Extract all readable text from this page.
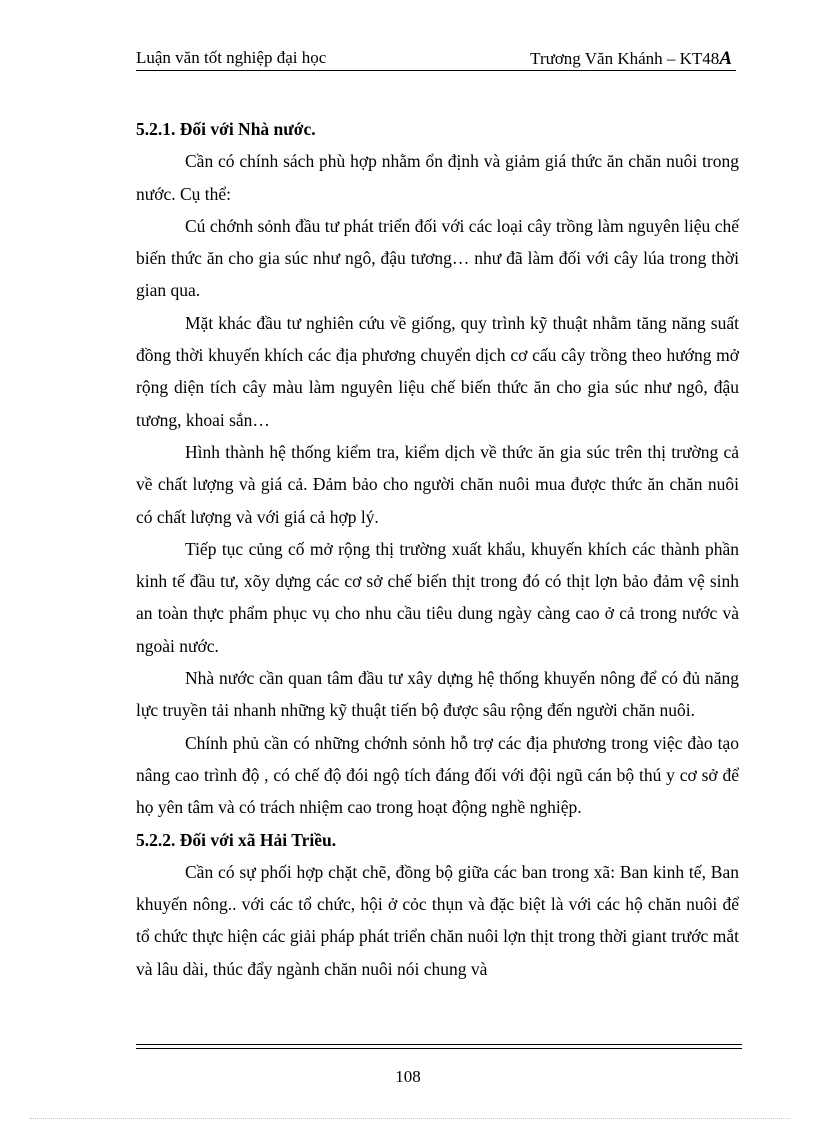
Luận văn tốt nghiệp đại học	Trương Văn Khánh – KT48A
5.2.1. Đối với Nhà nước.

Cần có chính sách phù hợp nhằm ổn định và giảm giá thức ăn chăn nuôi trong nước. Cụ thể:

Cú chớnh sỏnh đầu tư phát triển đối với các loại cây trồng làm nguyên liệu chế biến thức ăn cho gia súc như ngô, đậu tương… như đã làm đối với cây lúa trong thời gian qua.

Mặt khác đầu tư nghiên cứu về giống, quy trình kỹ thuật nhằm tăng năng suất đồng thời khuyến khích các địa phương chuyển dịch cơ cấu cây trồng theo hướng mở rộng diện tích cây màu làm nguyên liệu chế biến thức ăn cho gia súc như ngô, đậu tương, khoai sắn…

Hình thành hệ thống kiểm tra, kiểm dịch về thức ăn gia súc trên thị trường cả về chất lượng và giá cả. Đảm bảo cho người chăn nuôi mua được thức ăn chăn nuôi có chất lượng và với giá cả hợp lý.

Tiếp tục củng cố mở rộng thị trường xuất khẩu, khuyến khích các thành phần kinh tế đầu tư, xõy dựng các cơ sở chế biến thịt trong đó có thịt lợn bảo đảm vệ sinh an toàn thực phẩm phục vụ cho nhu cầu tiêu dung ngày càng cao ở cả trong nước và ngoài nước.

Nhà nước cần quan tâm đầu tư xây dựng hệ thống khuyến nông để có đủ năng lực truyền tải nhanh những kỹ thuật tiến bộ được sâu rộng đến người chăn nuôi.

Chính phủ cần có những chớnh sỏnh hỗ trợ các địa phương trong việc đào tạo nâng cao trình độ , có chế độ đói ngộ tích đáng đối với đội ngũ cán bộ thú y cơ sở để họ yên tâm và có trách nhiệm cao trong hoạt động nghề nghiệp.

5.2.2. Đối với xã Hải Triều.

Cần có sự phối hợp chặt chẽ, đồng bộ giữa các ban trong xã: Ban kinh tế, Ban khuyến nông.. với các tổ chức, hội ở cỏc thụn và đặc biệt là với các hộ chăn nuôi để tổ chức thực hiện các giải pháp phát triển chăn nuôi lợn thịt trong thời giant trước mắt và lâu dài, thúc đẩy ngành chăn nuôi nói chung và

108
